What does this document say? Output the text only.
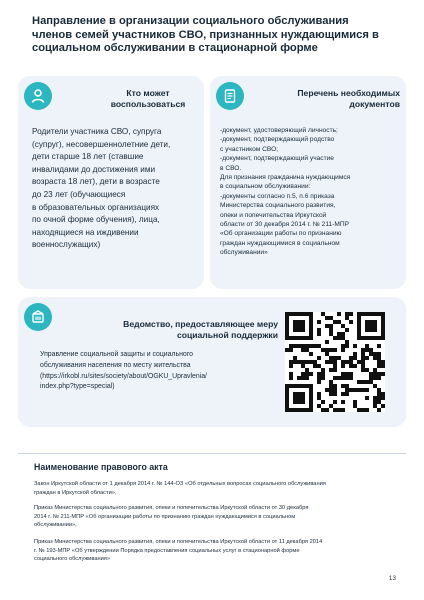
Направление в организации социального обслуживания членов семей участников СВО, признанных нуждающимися в социальном обслуживании в стационарной форме
Кто может
воспользоваться
Родители участника СВО, супруга
(супруг), несовершеннолетние дети,
дети старше 18 лет (ставшие
инвалидами до достижения ими
возраста 18 лет), дети в возрасте
до 23 лет (обучающиеся
в образовательных организациях
по очной форме обучения), лица,
находящиеся на иждивении
военнослужащих)
Перечень необходимых
документов
-документ, удостоверяющий личность;
-документ, подтверждающий родство
с участником СВО;
-документ, подтверждающий участие
в СВО.
Для признания гражданина нуждающимся
в социальном обслуживании:
-документы согласно п.5, п.6 приказа
Министерства социального развития,
опеки и попечительства Иркутской
области от 30 декабря 2014 г. № 211-МПР
«Об организации работы по признанию
граждан нуждающимися в социальном
обслуживании»
Ведомство, предоставляющее меру
социальной поддержки
Управление социальной защиты и социального
обслуживания населения по месту жительства
(https://irkobl.ru/sites/society/about/OGKU_Upravlenia/
index.php?type=special)
Наименование правового акта
Закон Иркутской области от 1 декабря 2014 г. № 144-ОЗ «Об отдельных вопросах социального обслуживания
граждан в Иркутской области»,
Приказ Министерства социального развития, опеки и попечительства Иркутской области от 30 декабря
2014 г. № 211-МПР «Об организации работы по признанию граждан нуждающимися в социальном
обслуживании»,
Приказ Министерства социального развития, опеки и попечительства Иркутской области от 11 декабря 2014
г. № 193-МПР «Об утверждении Порядка предоставления социальных услуг в стационарной форме
социального обслуживания»
13
